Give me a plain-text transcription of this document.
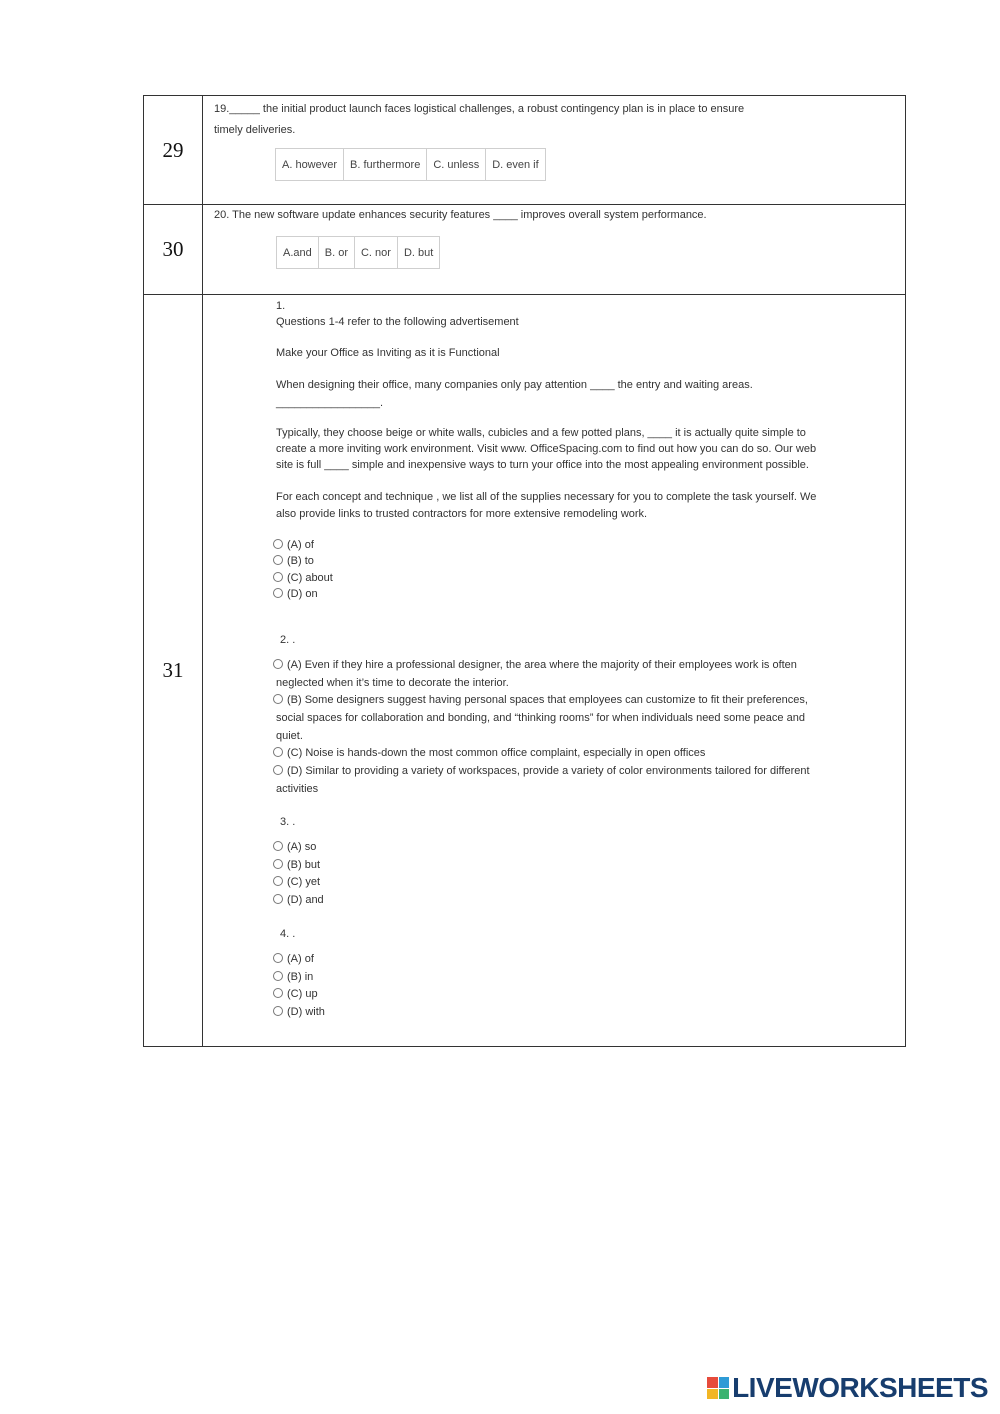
29	
19._____ the initial product launch faces logistical challenges, a robust contingency plan is in place to ensure
timely deliveries.
A. however	B. furthermore	C. unless	D. even if

30	
20. The new software update enhances security features ____ improves overall system performance.
A.and	B. or	C. nor	D. but

31	
1.
Questions 1-4 refer to the following advertisement
Make your Office as Inviting as it is Functional
When designing their office, many companies only pay attention ____ the entry and waiting areas.
_________________.
Typically, they choose beige or white walls, cubicles and a few potted plans, ____ it is actually quite simple to
create a more inviting work environment. Visit www. OfficeSpacing.com to find out how you can do so. Our web
site is full ____ simple and inexpensive ways to turn your office into the most appealing environment possible.
For each concept and technique , we list all of the supplies necessary for you to complete the task yourself. We
also provide links to trusted contractors for more extensive remodeling work.
(A) of
(B) to
(C) about
(D) on
2. .
(A) Even if they hire a professional designer, the area where the majority of their employees work is often
neglected when it’s time to decorate the interior.
(B) Some designers suggest having personal spaces that employees can customize to fit their preferences,
social spaces for collaboration and bonding, and “thinking rooms” for when individuals need some peace and
quiet.
(C) Noise is hands-down the most common office complaint, especially in open offices
(D) Similar to providing a variety of workspaces, provide a variety of color environments tailored for different
activities
3. .
(A) so
(B) but
(C) yet
(D) and
4. .
(A) of
(B) in
(C) up
(D) with
LIVEWORKSHEETS
